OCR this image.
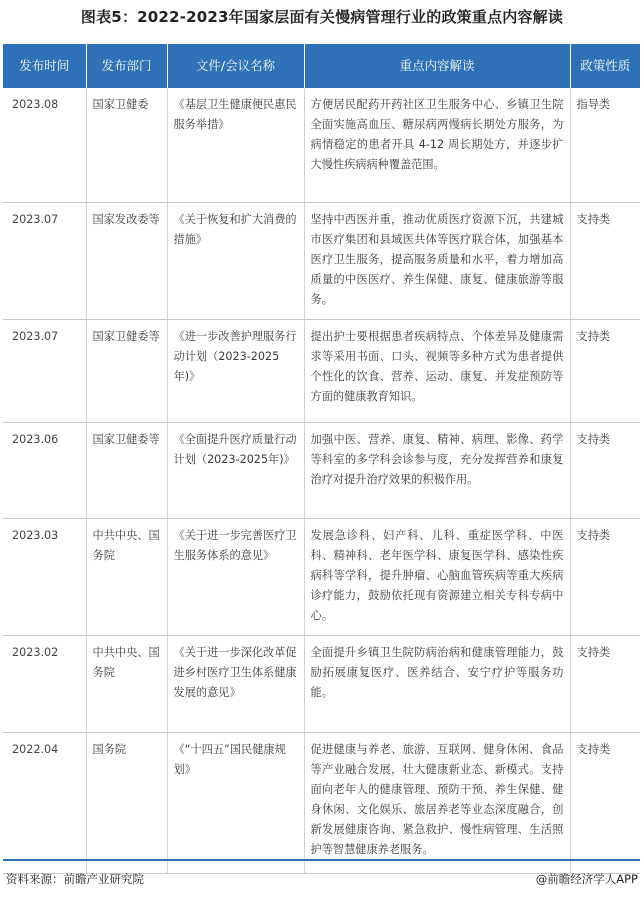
图表5：2022-2023年国家层面有关慢病管理行业的政策重点内容解读
发布时间	发布部门	文件/会议名称	重点内容解读	政策性质
2023.08	国家卫健委	《基层卫生健康便民惠民服务举措》	方便居民配药开药社区卫生服务中心、乡镇卫生院全面实施高血压、糖尿病两慢病长期处方服务，为病情稳定的患者开具 4-12 周长期处方，并逐步扩大慢性疾病病种覆盖范围。	指导类
2023.07	国家发改委等	《关于恢复和扩大消费的措施》	坚持中西医并重，推动优质医疗资源下沉，共建城市医疗集团和县域医共体等医疗联合体，加强基本医疗卫生服务，提高服务质量和水平，着力增加高质量的中医医疗、养生保健、康复、健康旅游等服务。	支持类
2023.07	国家卫健委等	《进一步改善护理服务行动计划（2023-2025年)》	提出护士要根据患者疾病特点、个体差异及健康需求等采用书面、口头、视频等多种方式为患者提供个性化的饮食、营养、运动、康复、并发症预防等方面的健康教育知识。	支持类
2023.06	国家卫健委等	《全面提升医疗质量行动计划（2023-2025年)》	加强中医、营养、康复、精神、病理、影像、药学等科室的多学科会诊参与度，充分发挥营养和康复治疗对提升治疗效果的积极作用。	支持类
2023.03	中共中央、国务院	《关于进一步完善医疗卫生服务体系的意见》	发展急诊科、妇产科、儿科、重症医学科、中医科、精神科、老年医学科、康复医学科、感染性疾病科等学科，提升肿瘤、心脑血管疾病等重大疾病诊疗能力，鼓励依托现有资源建立相关专科专病中心。	支持类
2023.02	中共中央、国务院	《关于进一步深化改革促进乡村医疗卫生体系健康发展的意见》	全面提升乡镇卫生院防病治病和健康管理能力，鼓励拓展康复医疗、医养结合、安宁疗护等服务功能。	支持类
2022.04	国务院	《“十四五”国民健康规划》	促进健康与养老、旅游、互联网、健身休闲、食品等产业融合发展，壮大健康新业态、新模式。支持面向老年人的健康管理、预防干预、养生保健、健身休闲、文化娱乐、旅居养老等业态深度融合，创新发展健康咨询、紧急救护、慢性病管理、生活照护等智慧健康养老服务。	支持类
资料来源：前瞻产业研究院	@前瞻经济学人APP
